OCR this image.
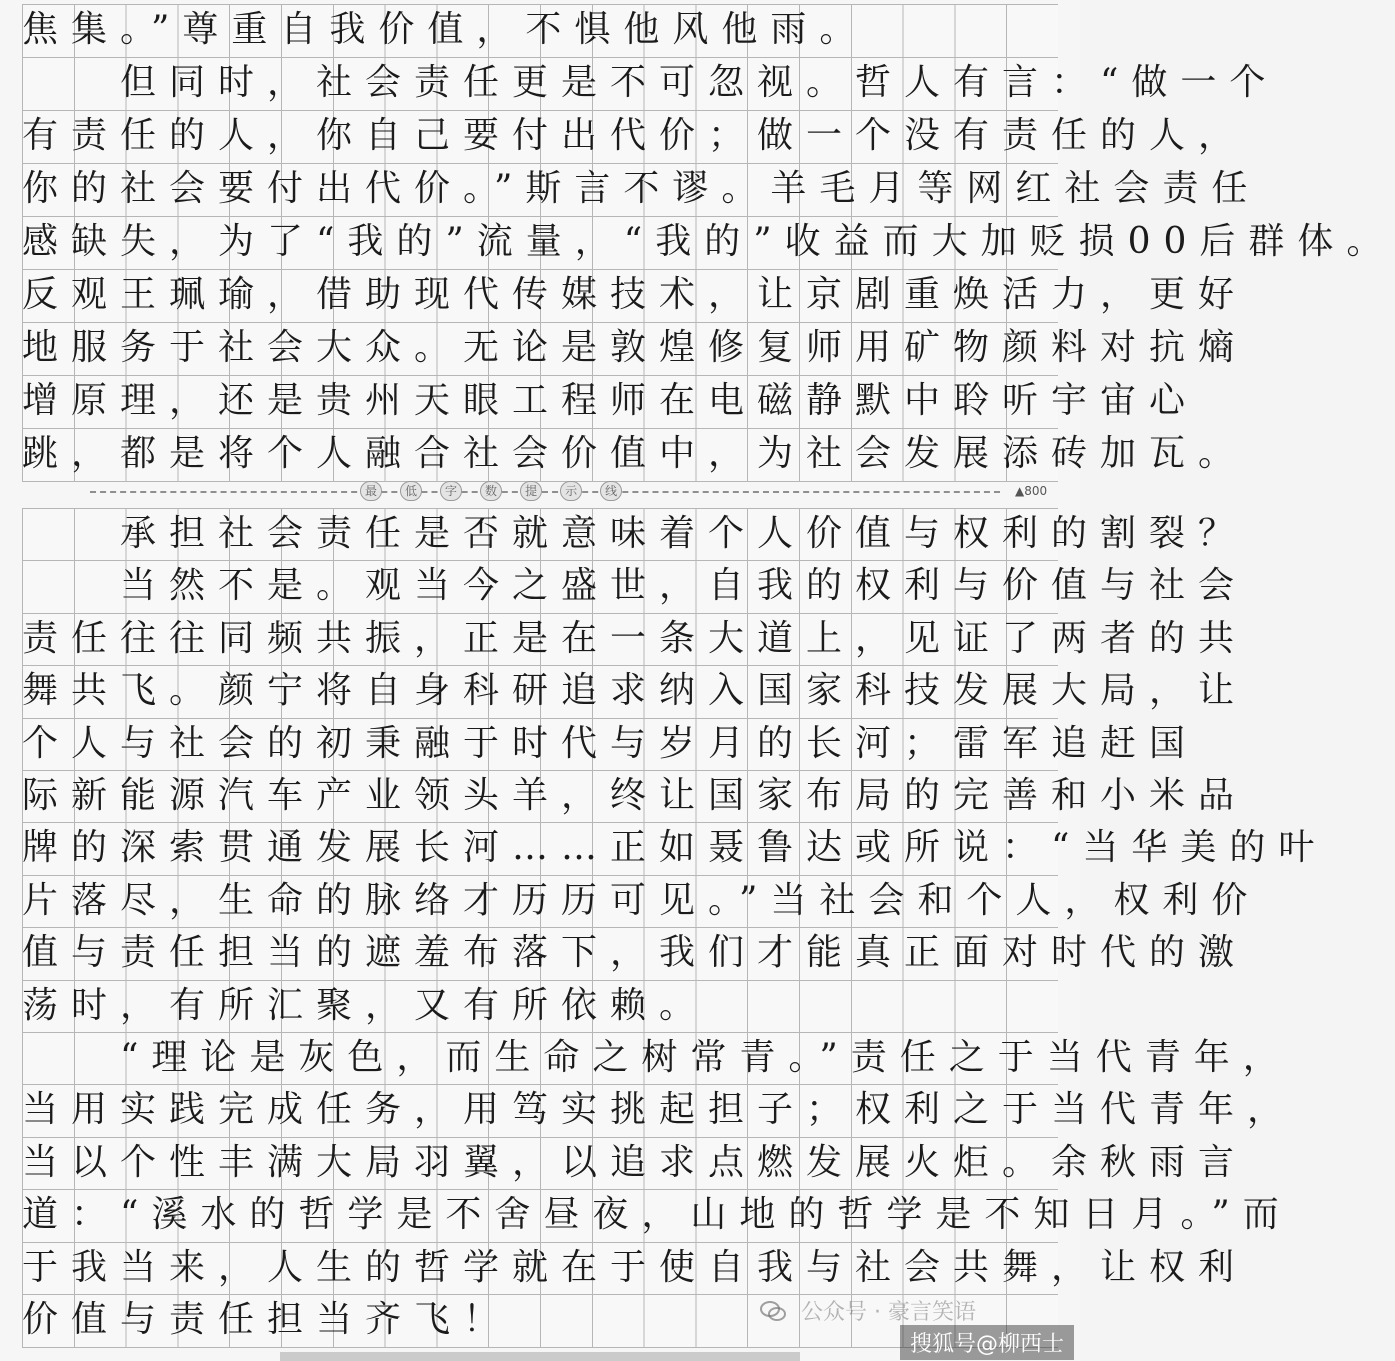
焦集。”尊重自我价值，不惧他风他雨。
　　但同时，社会责任更是不可忽视。哲人有言：“做一个
有责任的人，你自己要付出代价；做一个没有责任的人，
你的社会要付出代价。”斯言不谬。羊毛月等网红社会责任
感缺失，为了“我的”流量，“我的”收益而大加贬损00后群体。
反观王珮瑜，借助现代传媒技术，让京剧重焕活力，更好
地服务于社会大众。无论是敦煌修复师用矿物颜料对抗熵
增原理，还是贵州天眼工程师在电磁静默中聆听宇宙心
跳，都是将个人融合社会价值中，为社会发展添砖加瓦。
　　承担社会责任是否就意味着个人价值与权利的割裂？
　　当然不是。观当今之盛世，自我的权利与价值与社会
责任往往同频共振，正是在一条大道上，见证了两者的共
舞共飞。颜宁将自身科研追求纳入国家科技发展大局，让
个人与社会的初秉融于时代与岁月的长河；雷军追赶国
际新能源汽车产业领头羊，终让国家布局的完善和小米品
牌的深索贯通发展长河……正如聂鲁达或所说：“当华美的叶
片落尽，生命的脉络才历历可见。”当社会和个人，权利价
值与责任担当的遮羞布落下，我们才能真正面对时代的激
荡时，有所汇聚，又有所依赖。
　　“理论是灰色，而生命之树常青。”责任之于当代青年，
当用实践完成任务，用笃实挑起担子；权利之于当代青年，
当以个性丰满大局羽翼，以追求点燃发展火炬。余秋雨言
道：“溪水的哲学是不舍昼夜，山地的哲学是不知日月。”而
于我当来，人生的哲学就在于使自我与社会共舞，让权利
价值与责任担当齐飞！
最	低	字	数	提	示	线	▲800
公众号 · 豪言笑语
搜狐号@柳西士
